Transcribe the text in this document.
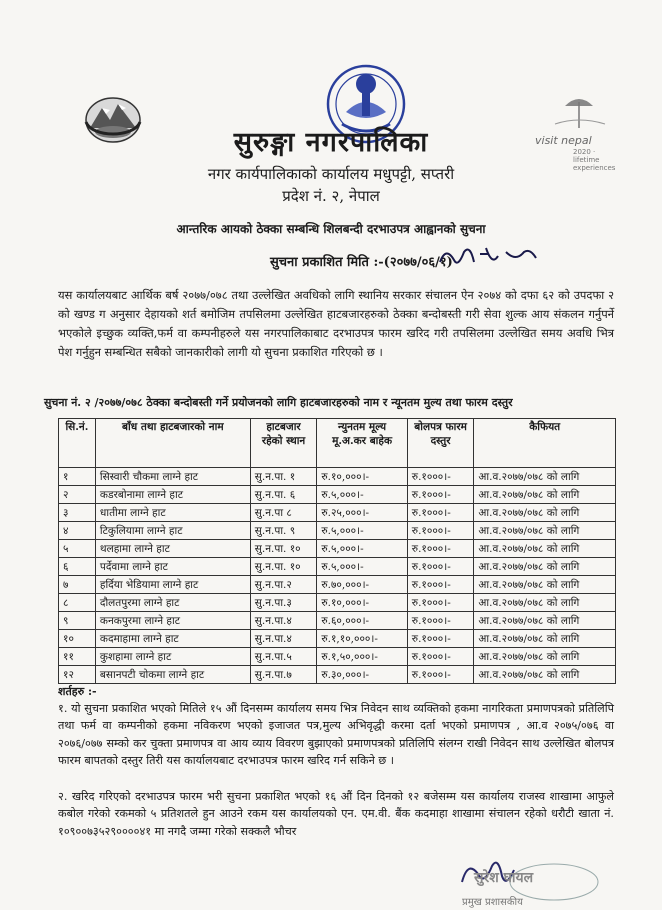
visit nepal
2020 · lifetime experiences
सुरुङ्गा नगरपालिका
नगर कार्यपालिकाको कार्यालय मधुपट्टी, सप्तरी
प्रदेश नं. २, नेपाल
आन्तरिक आयको ठेक्का सम्बन्धि शिलबन्दी दरभाउपत्र आह्वानको सुचना
सुचना प्रकाशित मिति :-(२०७७/०६/१)

यस कार्यालयबाट आर्थिक बर्ष २०७७/०७८ तथा उल्लेखित अवधिको लागि स्थानिय सरकार संचालन ऐन २०७४ को दफा ६२ को उपदफा २ को खण्ड ग अनुसार देहायको शर्त बमोजिम तपसिलमा उल्लेखित हाटबजारहरुको ठेक्का बन्दोबस्ती गरी सेवा शुल्क आय संकलन गर्नुपर्ने भएकोले इच्छुक व्यक्ति,फर्म वा कम्पनीहरुले यस नगरपालिकाबाट दरभाउपत्र फारम खरिद गरी तपसिलमा उल्लेखित समय अवधि भित्र पेश गर्नुहुन सम्बन्धित सबैको जानकारीको लागी यो सुचना प्रकाशित गरिएको छ ।

सुचना नं. २ /२०७७/०७८ ठेक्का बन्दोबस्ती गर्ने प्रयोजनको लागि हाटबजारहरुको नाम र न्यूनतम मुल्य तथा फारम दस्तुर
सि.नं.	बाँध तथा हाटबजारको नाम	हाटबजार रहेको स्थान	न्युनतम मूल्य मू.अ.कर बाहेक	बोलपत्र फारम दस्तुर	कैफियत
१	सिस्वारी चौकमा लाग्ने हाट	सु.न.पा. १	रु.१०,०००।-	रु.१०००।-	आ.व.२०७७/०७८ को लागि
२	कडरबोनामा लाग्ने हाट	सु.न.पा. ६	रु.५,०००।-	रु.१०००।-	आ.व.२०७७/०७८ को लागि
३	धातीमा लाग्ने हाट	सु.न.पा ८	रु.२५,०००।-	रु.१०००।-	आ.व.२०७७/०७८ को लागि
४	टिकुलियामा लाग्ने हाट	सु.न.पा. ९	रु.५,०००।-	रु.१०००।-	आ.व.२०७७/०७८ को लागि
५	थलहामा लाग्ने हाट	सु.न.पा. १०	रु.५,०००।-	रु.१०००।-	आ.व.२०७७/०७८ को लागि
६	पर्देवामा लाग्ने हाट	सु.न.पा. १०	रु.५,०००।-	रु.१०००।-	आ.व.२०७७/०७८ को लागि
७	हर्दिया भेडियामा लाग्ने हाट	सु.न.पा.२	रु.७०,०००।-	रु.१०००।-	आ.व.२०७७/०७८ को लागि
८	दौलतपुरमा लाग्ने हाट	सु.न.पा.३	रु.१०,०००।-	रु.१०००।-	आ.व.२०७७/०७८ को लागि
९	कनकपुरमा लाग्ने हाट	सु.न.पा.४	रु.६०,०००।-	रु.१०००।-	आ.व.२०७७/०७८ को लागि
१०	कदमाहामा लाग्ने हाट	सु.न.पा.४	रु.१,१०,०००।-	रु.१०००।-	आ.व.२०७७/०७८ को लागि
११	कुशहामा लाग्ने हाट	सु.न.पा.५	रु.१,५०,०००।-	रु.१०००।-	आ.व.२०७७/०७८ को लागि
१२	बसानपटी चोकमा लाग्ने हाट	सु.न.पा.७	रु.३०,०००।-	रु.१०००।-	आ.व.२०७७/०७८ को लागि
शर्तहरु :-

१. यो सुचना प्रकाशित भएको मितिले १५ औं दिनसम्म कार्यालय समय भित्र निवेदन साथ व्यक्तिको हकमा नागरिकता प्रमाणपत्रको प्रतिलिपि तथा फर्म वा कम्पनीको हकमा नविकरण भएको इजाजत पत्र,मुल्य अभिवृद्धी करमा दर्ता भएको प्रमाणपत्र , आ.व २०७५/०७६ वा २०७६/०७७ सम्को कर चुक्ता प्रमाणपत्र वा आय व्याय विवरण बुझाएको प्रमाणपत्रको प्रतिलिपि संलग्न राखी निवेदन साथ उल्लेखित बोलपत्र फारम बापतको दस्तुर तिरी यस कार्यालयबाट दरभाउपत्र फारम खरिद गर्न सकिने छ ।

२. खरिद गरिएको दरभाउपत्र फारम भरी सुचना प्रकाशित भएको १६ औं दिन दिनको १२ बजेसम्म यस कार्यालय राजस्व शाखामा आफुले कबोल गरेको रकमको ५ प्रतिशतले हुन आउने रकम यस कार्यालयको एन. एम.वी. बैंक कदमाहा शाखामा संचालन रहेको धरौटी खाता नं. १०९००७३५२९००००४१ मा नगदै जम्मा गरेको सक्कलै भौचर

सुरेश घायल
प्रमुख प्रशासकीय
